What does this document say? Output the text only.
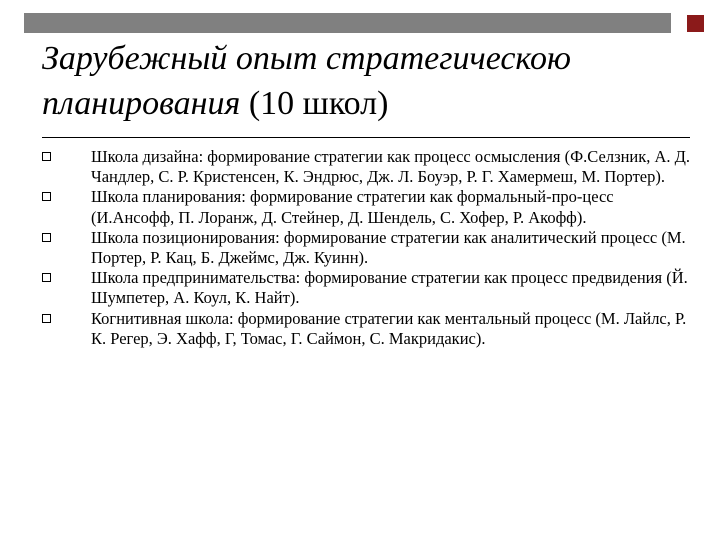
Зарубежный опыт стратегическою планирования (10 школ)
Школа дизайна: формирование стратегии как процесс осмысления (Ф.Селзник, А. Д. Чандлер, С. Р. Кристенсен, К. Эндрюс, Дж. Л. Боуэр, Р. Г. Хамермеш, М. Портер).
Школа планирования: формирование стратегии как формальный-про-цесс (И.Ансофф, П. Лоранж, Д. Стейнер, Д. Шендель, С. Хофер, Р. Акофф).
Школа позиционирования: формирование стратегии как аналитический процесс (М. Портер, Р. Кац, Б. Джеймс, Дж. Куинн).
Школа предпринимательства: формирование стратегии как процесс предвидения (Й. Шумпетер, А. Коул, К. Найт).
Когнитивная школа: формирование стратегии как ментальный процесс (М. Лайлс, Р. К. Регер, Э. Хафф, Г, Томас, Г. Саймон, С. Макридакис).
